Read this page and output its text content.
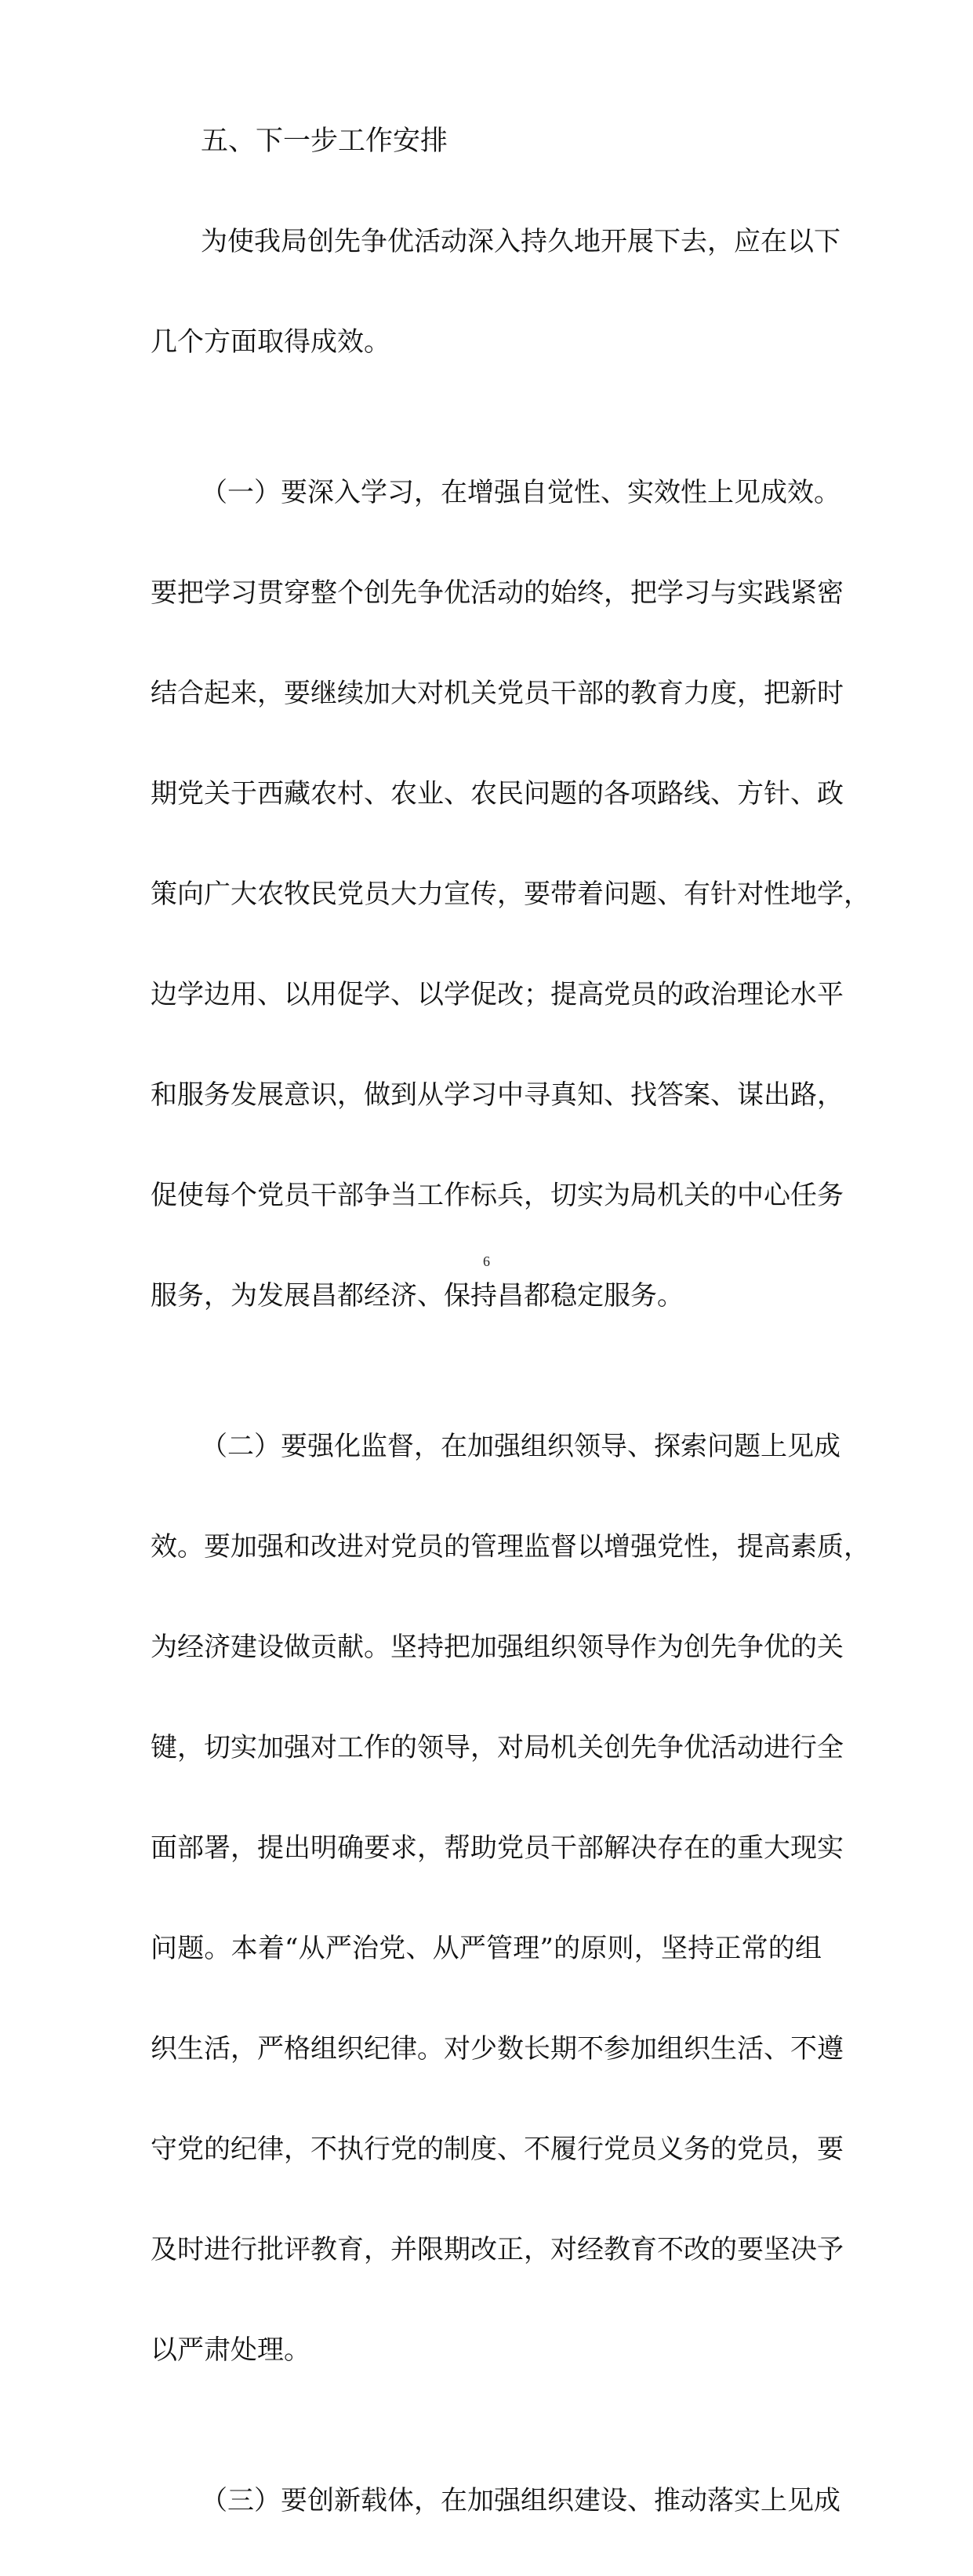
五、下一步工作安排

为使我局创先争优活动深入持久地开展下去，应在以下

几个方面取得成效。

（一）要深入学习，在增强自觉性、实效性上见成效。

要把学习贯穿整个创先争优活动的始终，把学习与实践紧密

结合起来，要继续加大对机关党员干部的教育力度，把新时

期党关于西藏农村、农业、农民问题的各项路线、方针、政

策向广大农牧民党员大力宣传，要带着问题、有针对性地学，

边学边用、以用促学、以学促改；提高党员的政治理论水平

和服务发展意识，做到从学习中寻真知、找答案、谋出路，

促使每个党员干部争当工作标兵，切实为局机关的中心任务

服务，为发展昌都经济、保持昌都稳定服务。

（二）要强化监督，在加强组织领导、探索问题上见成

效。要加强和改进对党员的管理监督以增强党性，提高素质，

为经济建设做贡献。坚持把加强组织领导作为创先争优的关

键，切实加强对工作的领导，对局机关创先争优活动进行全

面部署，提出明确要求，帮助党员干部解决存在的重大现实

问题。本着“从严治党、从严管理”的原则，坚持正常的组

织生活，严格组织纪律。对少数长期不参加组织生活、不遵

守党的纪律，不执行党的制度、不履行党员义务的党员，要

及时进行批评教育，并限期改正，对经教育不改的要坚决予

以严肃处理。

（三）要创新载体，在加强组织建设、推动落实上见成

6
